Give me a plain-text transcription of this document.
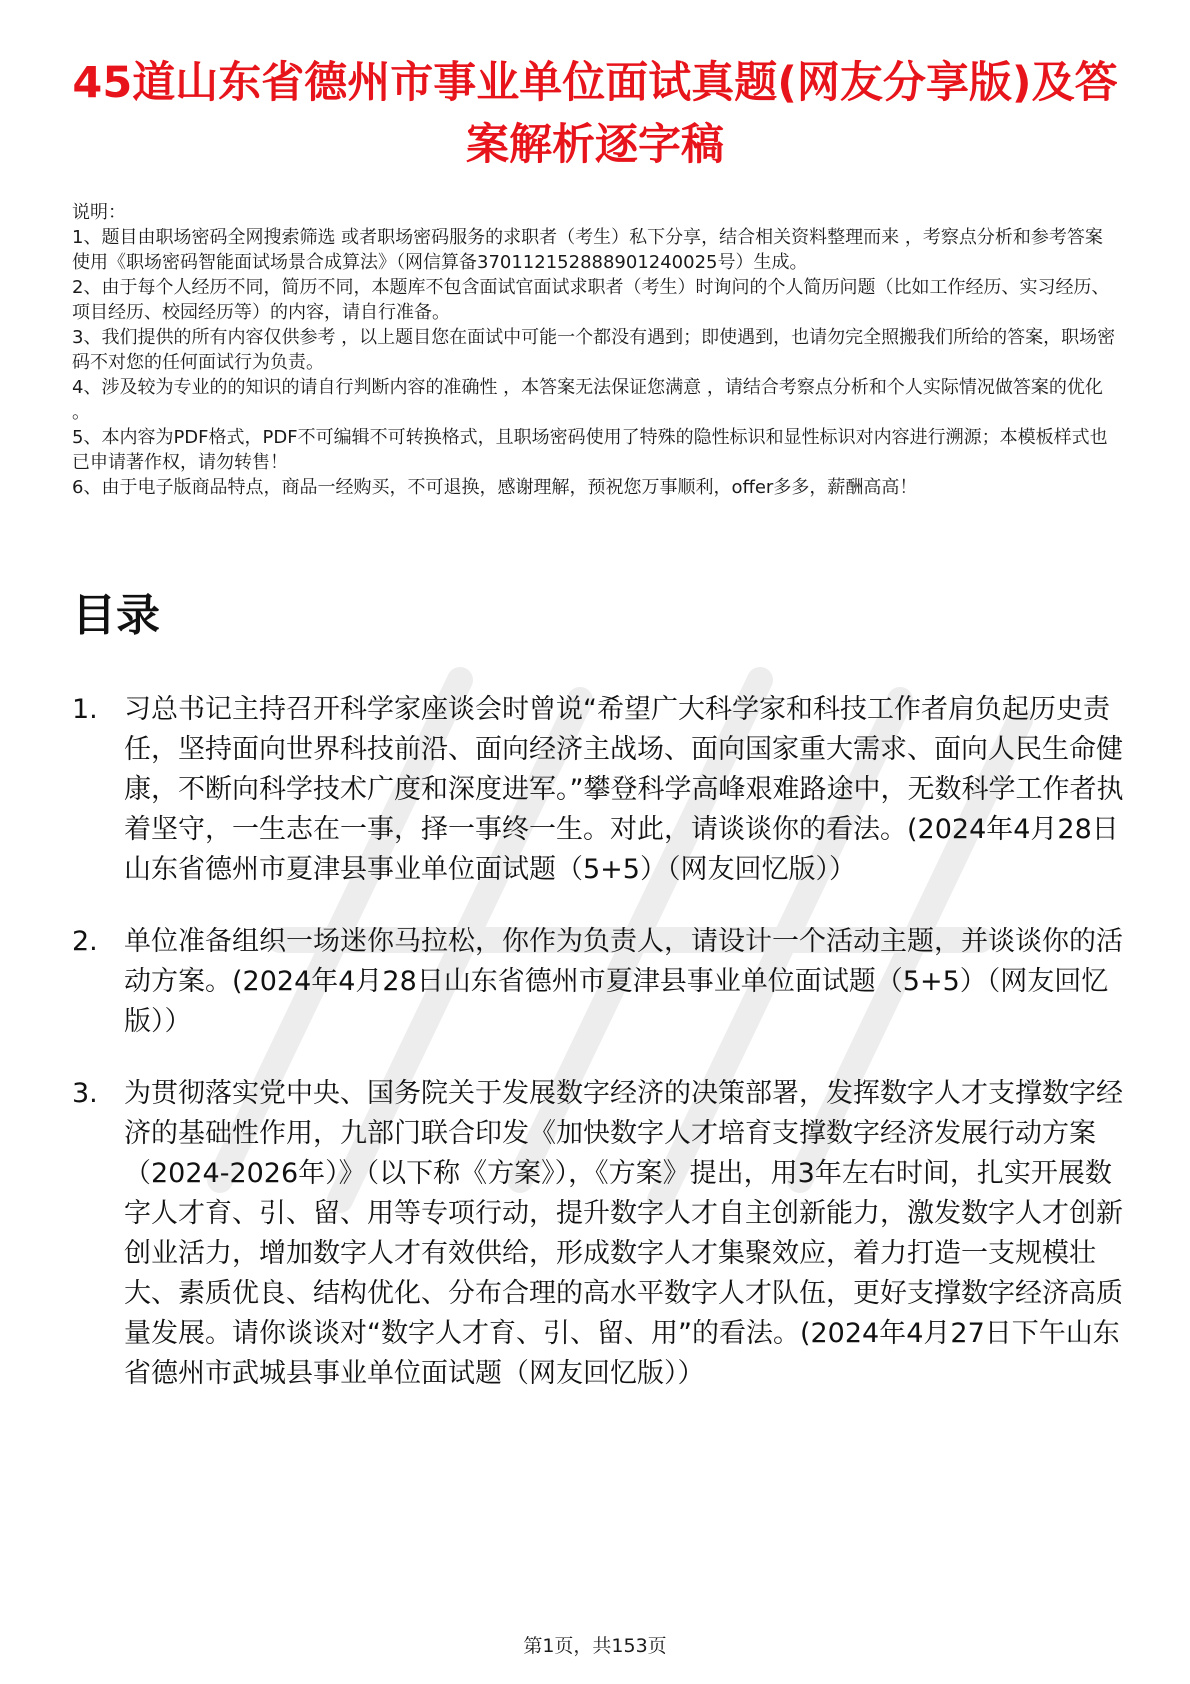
45道山东省德州市事业单位面试真题(网友分享版)及答案解析逐字稿

说明：

1、题目由职场密码全网搜索筛选 或者职场密码服务的求职者（考生）私下分享，结合相关资料整理而来 ，考察点分析和参考答案使用《职场密码智能面试场景合成算法》（网信算备370112152888901240025号）生成。

2、由于每个人经历不同，简历不同，本题库不包含面试官面试求职者（考生）时询问的个人简历问题（比如工作经历、实习经历、项目经历、校园经历等）的内容，请自行准备。

3、我们提供的所有内容仅供参考 ，以上题目您在面试中可能一个都没有遇到；即使遇到，也请勿完全照搬我们所给的答案，职场密码不对您的任何面试行为负责。

4、涉及较为专业的的知识的请自行判断内容的准确性 ，本答案无法保证您满意 ，请结合考察点分析和个人实际情况做答案的优化 。

5、本内容为PDF格式，PDF不可编辑不可转换格式，且职场密码使用了特殊的隐性标识和显性标识对内容进行溯源；本模板样式也已申请著作权，请勿转售！

6、由于电子版商品特点，商品一经购买，不可退换，感谢理解，预祝您万事顺利，offer多多，薪酬高高！

目录
1. 习总书记主持召开科学家座谈会时曾说“希望广大科学家和科技工作者肩负起历史责任，坚持面向世界科技前沿、面向经济主战场、面向国家重大需求、面向人民生命健康，不断向科学技术广度和深度进军。”攀登科学高峰艰难路途中，无数科学工作者执着坚守，一生志在一事，择一事终一生。对此，请谈谈你的看法。(2024年4月28日山东省德州市夏津县事业单位面试题（5+5）（网友回忆版））

2. 单位准备组织一场迷你马拉松，你作为负责人，请设计一个活动主题，并谈谈你的活动方案。(2024年4月28日山东省德州市夏津县事业单位面试题（5+5）（网友回忆版））

3. 为贯彻落实党中央、国务院关于发展数字经济的决策部署，发挥数字人才支撑数字经济的基础性作用，九部门联合印发《加快数字人才培育支撑数字经济发展行动方案（2024-2026年）》（以下称《方案》），《方案》提出，用3年左右时间，扎实开展数字人才育、引、留、用等专项行动，提升数字人才自主创新能力，激发数字人才创新创业活力，增加数字人才有效供给，形成数字人才集聚效应，着力打造一支规模壮大、素质优良、结构优化、分布合理的高水平数字人才队伍，更好支撑数字经济高质量发展。请你谈谈对“数字人才育、引、留、用”的看法。(2024年4月27日下午山东省德州市武城县事业单位面试题（网友回忆版））

第1页，共153页
